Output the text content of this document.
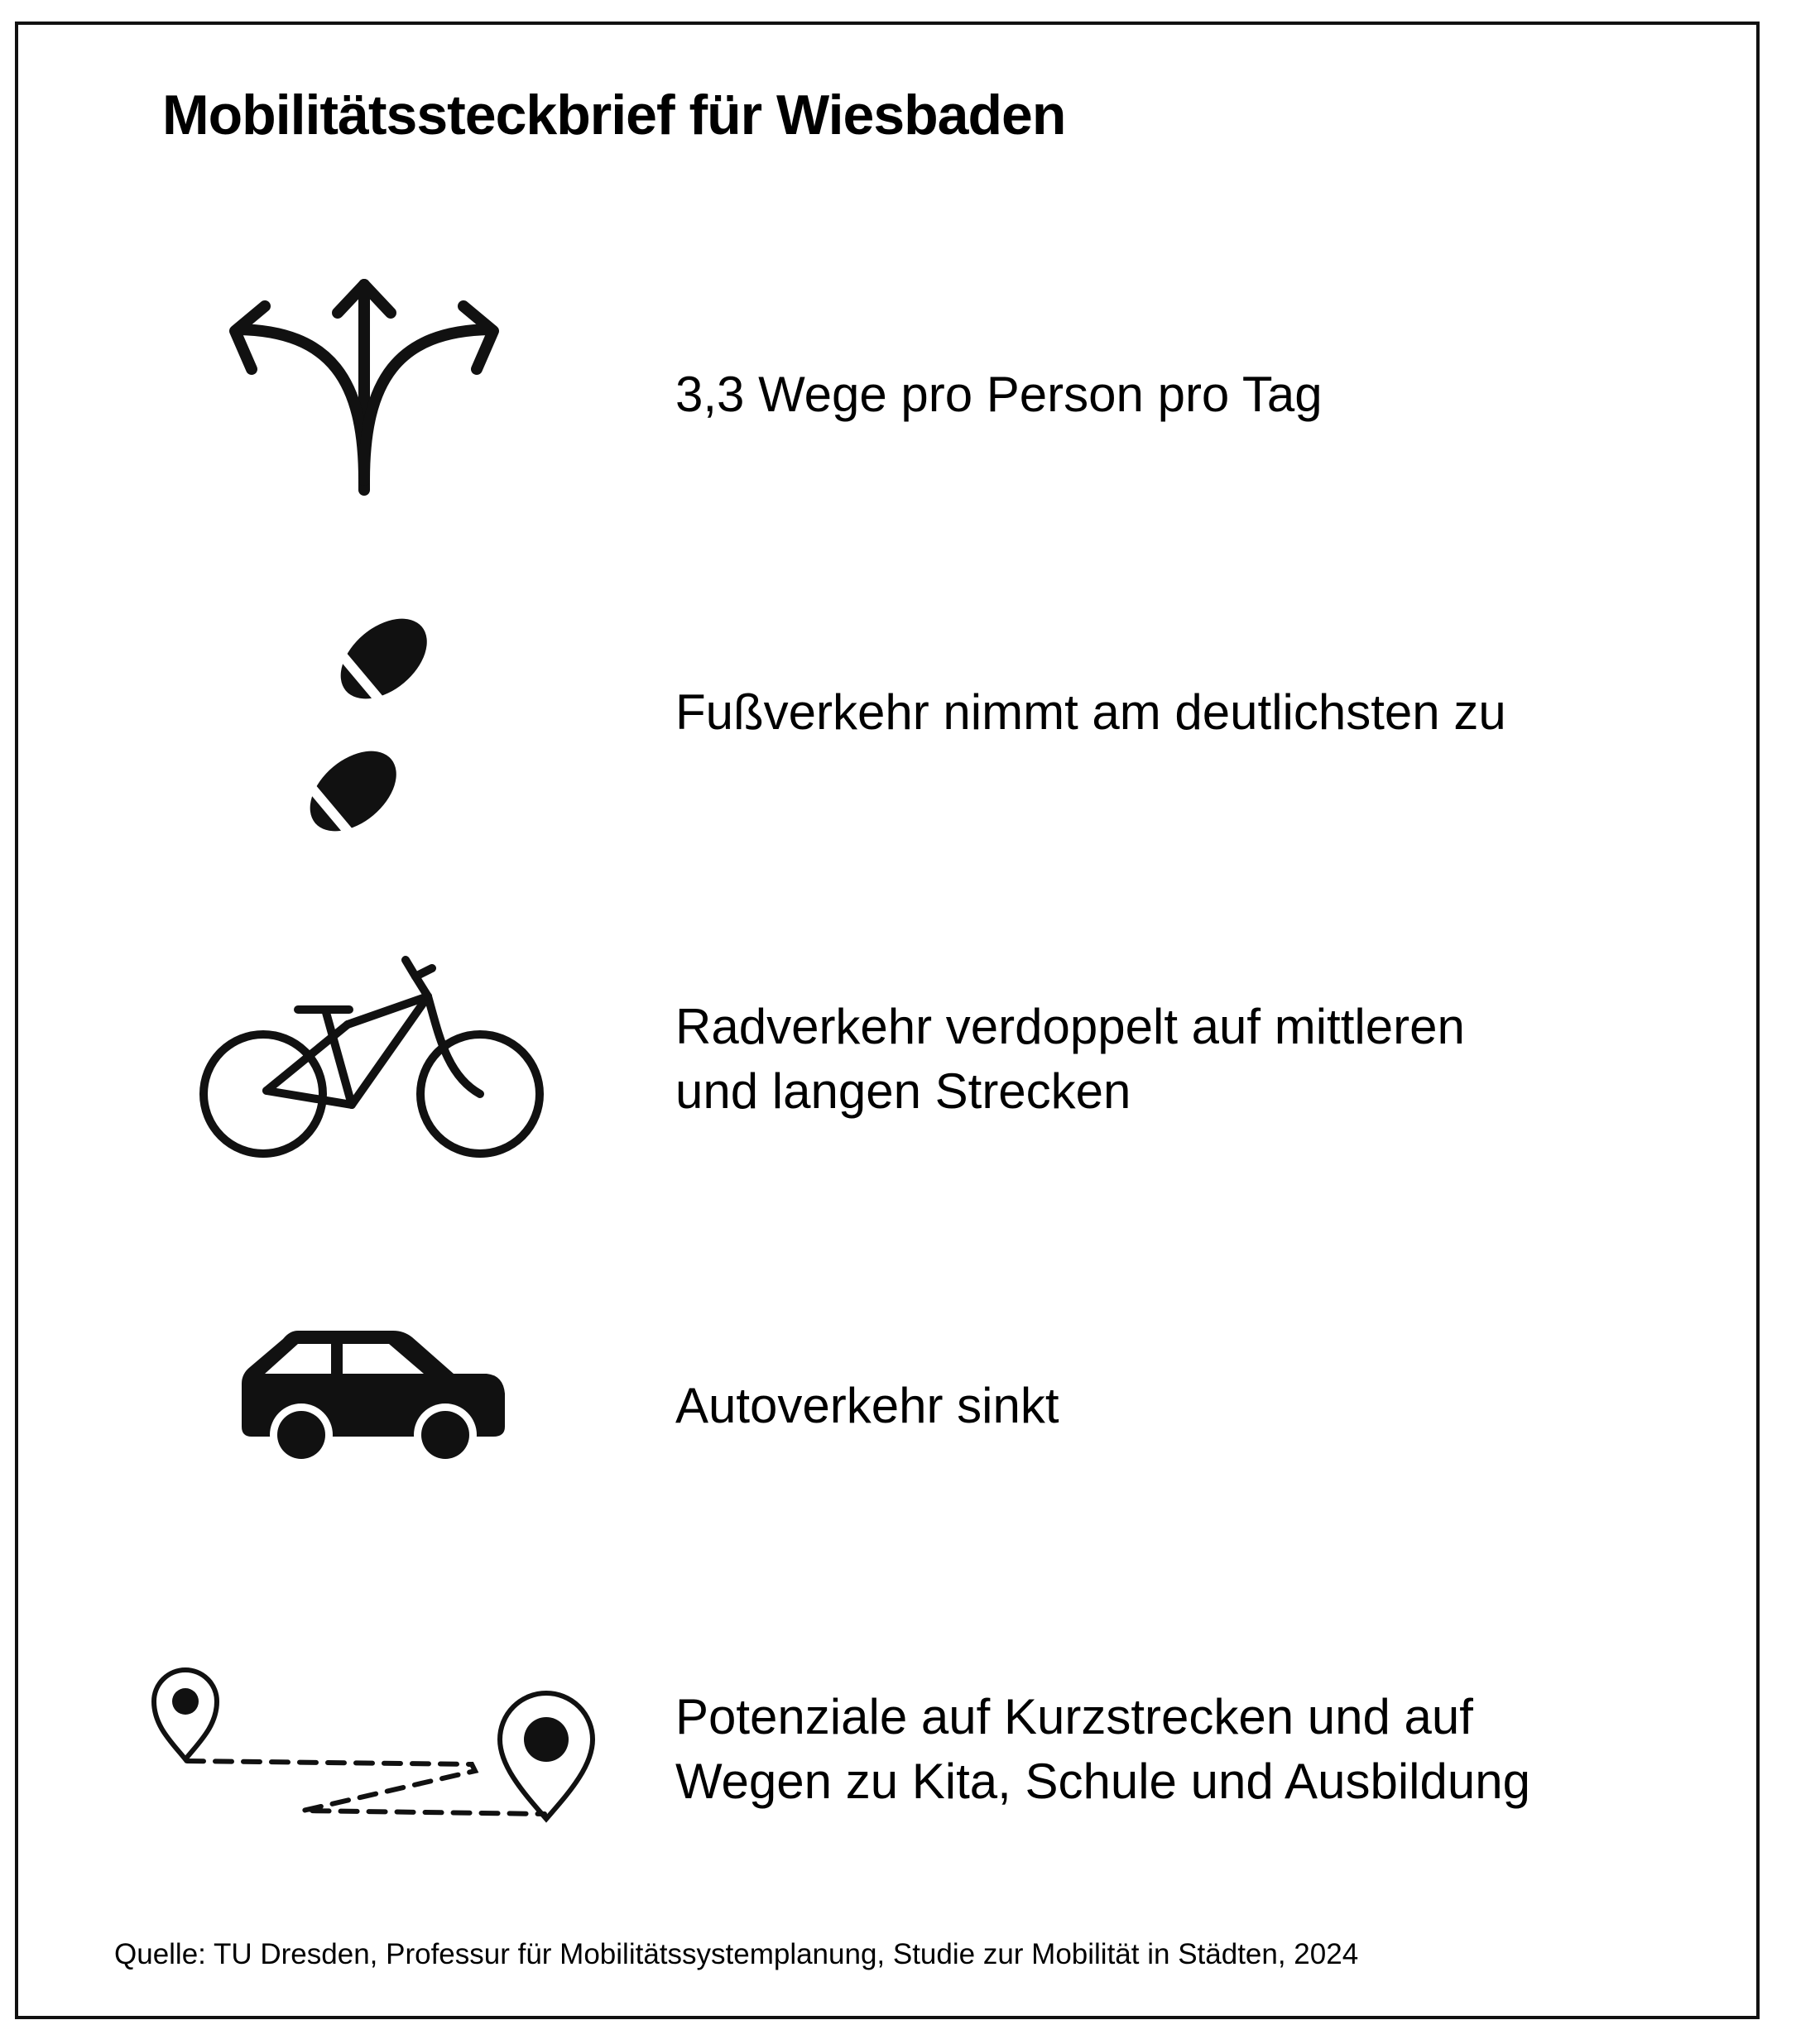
Mobilitätssteckbrief für Wiesbaden
3,3 Wege pro Person pro Tag
Fußverkehr nimmt am deutlichsten zu
Radverkehr verdoppelt auf mittleren
und langen Strecken
Autoverkehr sinkt
Potenziale auf Kurzstrecken und auf
Wegen zu Kita, Schule und Ausbildung
Quelle: TU Dresden, Professur für Mobilitätssystemplanung, Studie zur Mobilität in Städten, 2024
